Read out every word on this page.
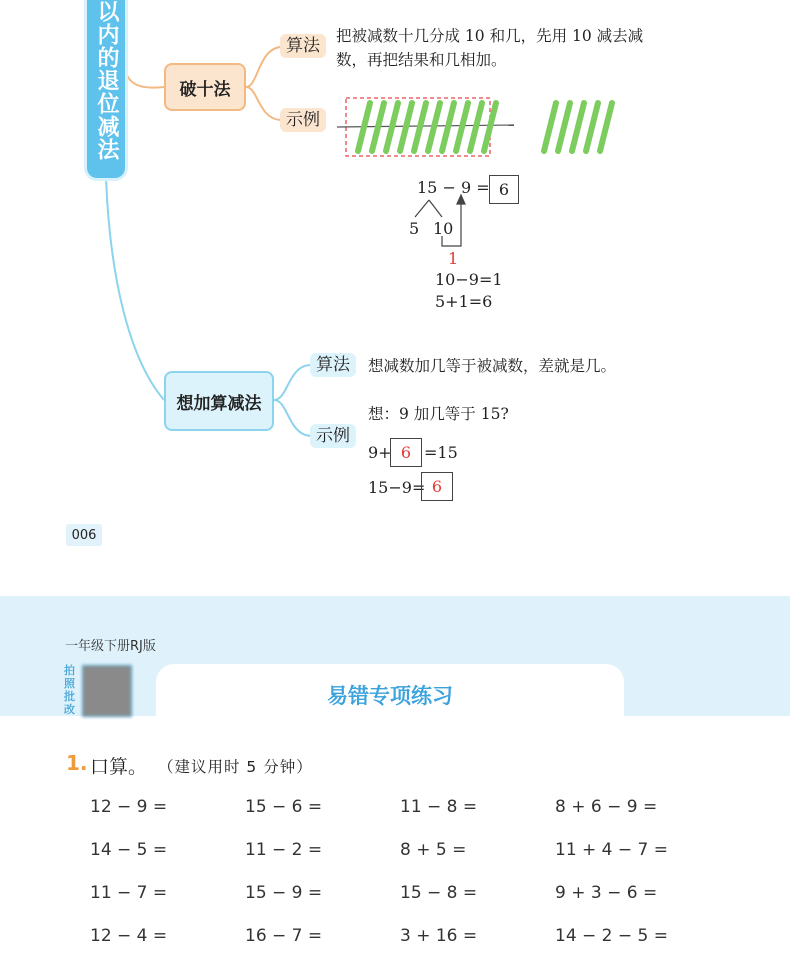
以内的退位减法	破十法
算法	把被减数十几分成 10 和几，先用 10 减去减
数，再把结果和几相加。
示例
15 − 9 = 6
5 10
1
10−9=1
5+1=6
想加算减法
算法	想减数加几等于被减数，差就是几。
示例
想：9 加几等于 15?
9+ 6 =15
15−9= 6
006
一年级下册RJ版
拍照批改
易错专项练习
1. 口算。 （建议用时 5 分钟）
12 − 9 =	15 − 6 =	11 − 8 =	8 + 6 − 9 =
14 − 5 =	11 − 2 =	8 + 5 =	11 + 4 − 7 =
11 − 7 =	15 − 9 =	15 − 8 =	9 + 3 − 6 =
12 − 4 =	16 − 7 =	3 + 16 =	14 − 2 − 5 =
